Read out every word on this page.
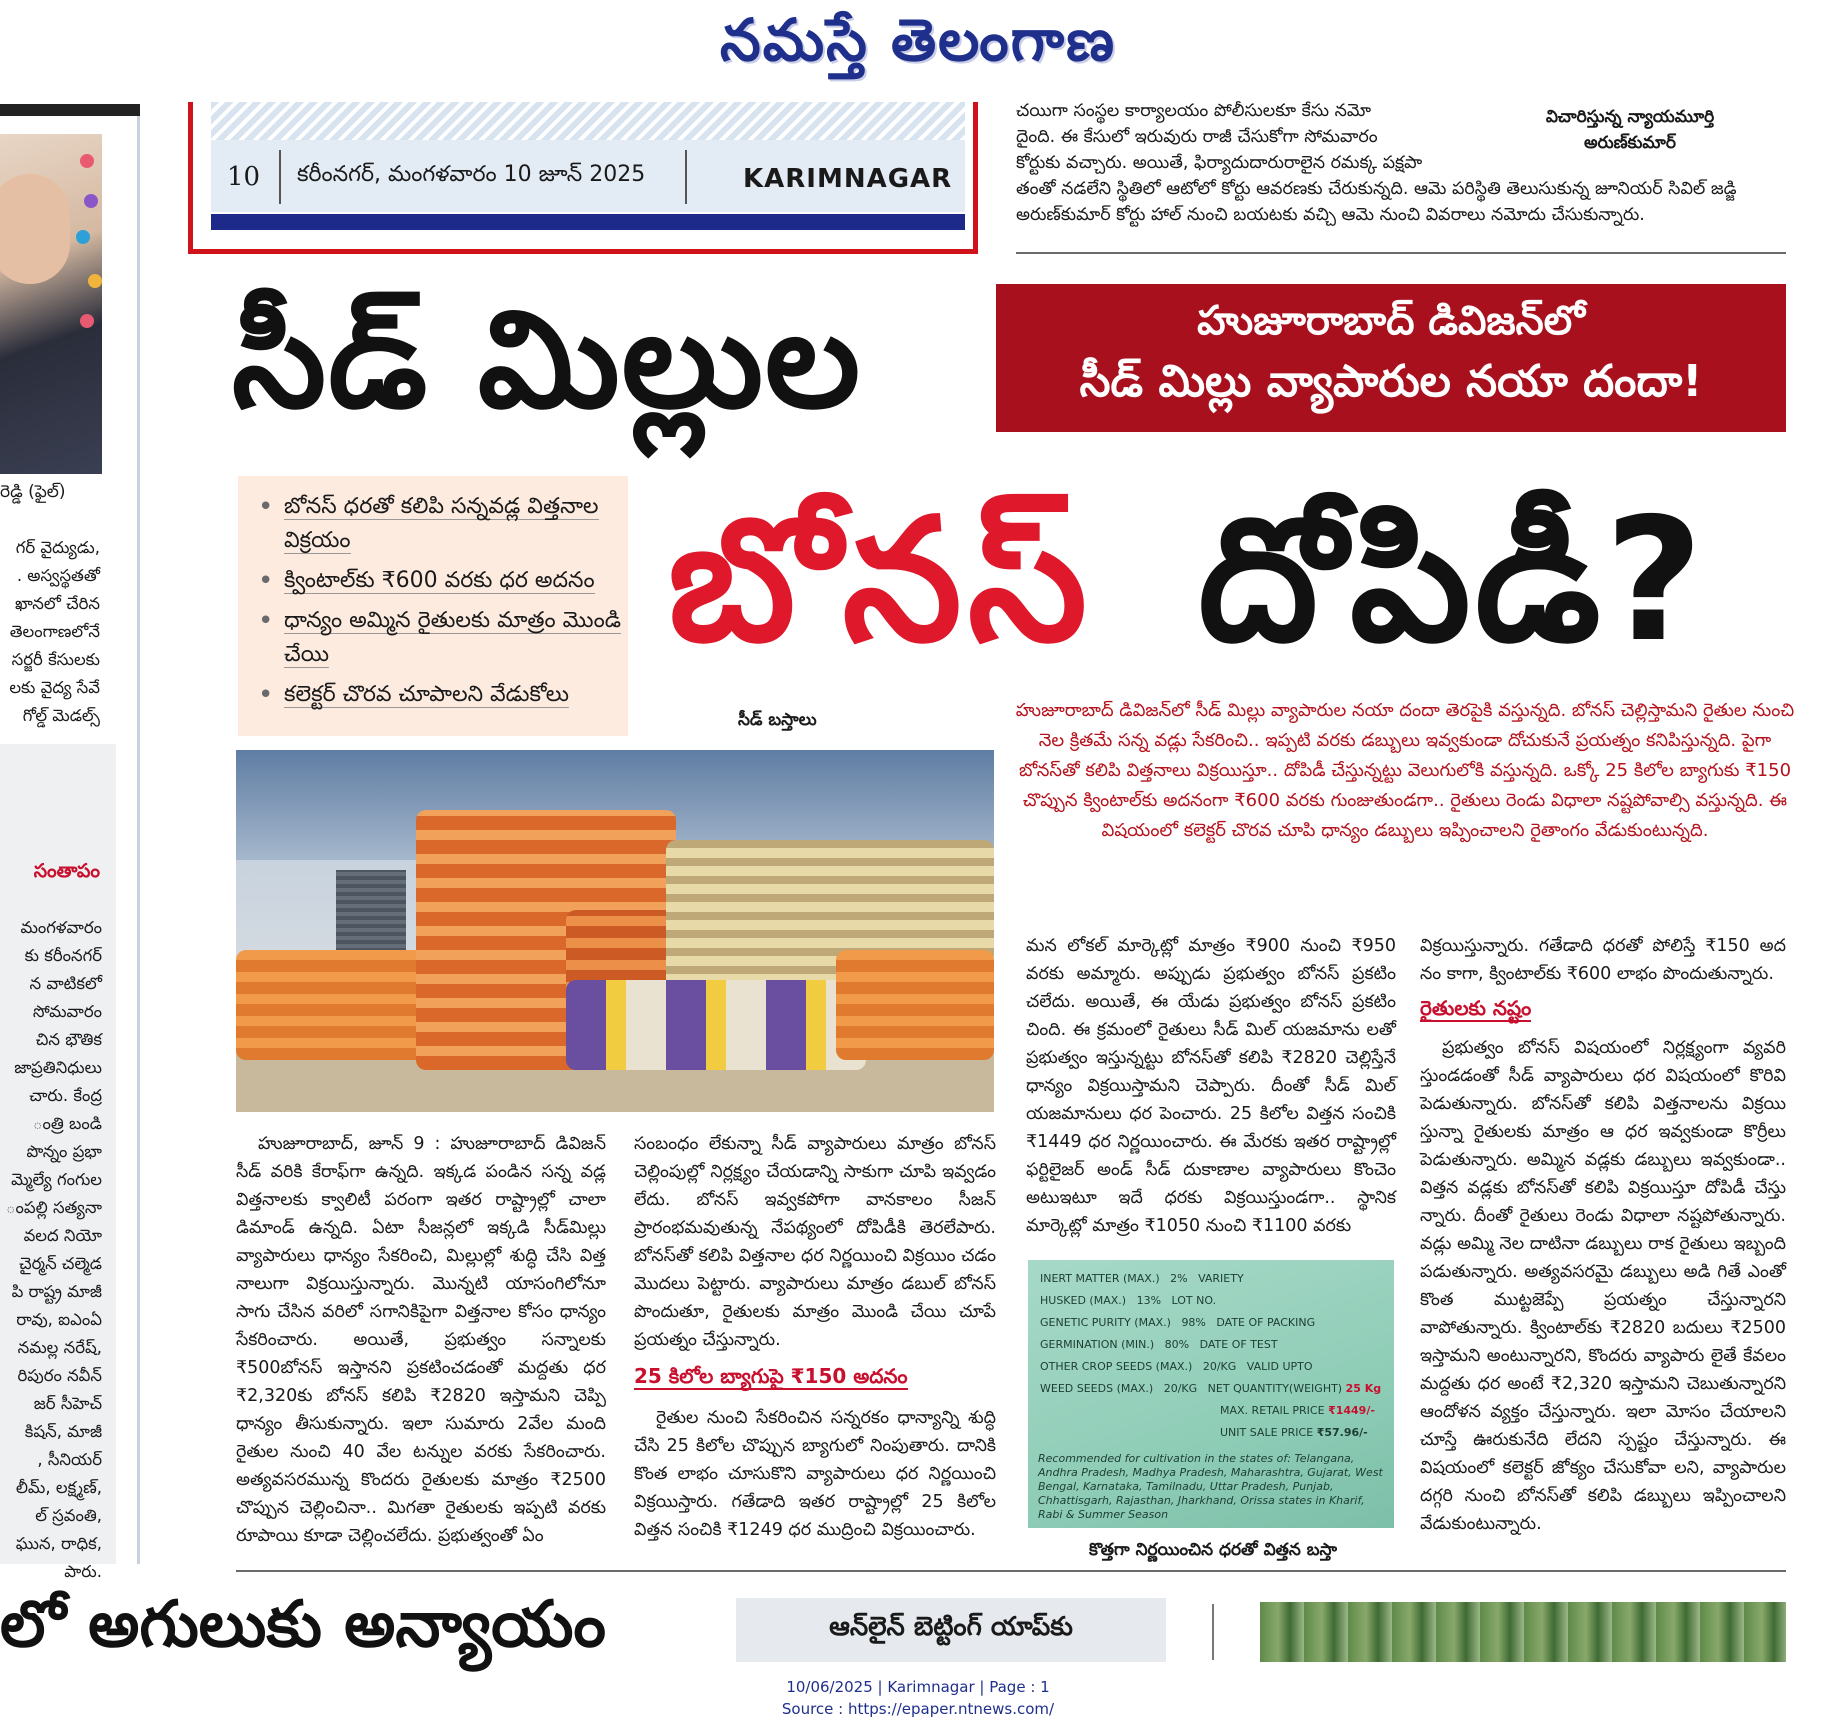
నమస్తే తెలంగాణ
రెడ్డి (ఫైల్)
గర్ వైద్యుడు,
. అస్వస్థతతో
ఖానలో చేరిన
తెలంగాణలోనే
సర్జరీ కేసులకు
లకు వైద్య సేవే
గోల్డ్ మెడల్స్
సంతాపం
మంగళవారం
కు కరీంనగర్
న వాటికలో
సోమవారం
చిన భౌతిక
జాప్రతినిధులు
చారు. కేంద్ర
ంత్రి బండి
పొన్నం ప్రభా
మ్మెల్యే గంగుల
ంపల్లి సత్యనా
వలద నియో
చైర్మన్ చల్మెడ
పి రాష్ట్ర మాజీ
రావు, ఐఎంఏ
నమల్ల నరేష్,
రిపురం నవీన్
జర్ సీహెచ్
కిషన్, మాజీ
, సీనియర్
లీమ్, లక్ష్మణ్,
ల్ స్రవంతి,
ఘున, రాధిక,
పారు.
10 కరీంనగర్, మంగళవారం 10 జూన్ 2025	KARIMNAGAR
చయిగా సంస్థల కార్యాలయం పోలీసులకూ కేసు నమో
దైంది. ఈ కేసులో ఇరువురు రాజీ చేసుకోగా సోమవారం
కోర్టుకు వచ్చారు. అయితే, ఫిర్యాదుదారురాలైన రమక్క పక్షపా
తంతో నడలేని స్థితిలో ఆటోలో కోర్టు ఆవరణకు చేరుకున్నది. ఆమె పరిస్థితి తెలుసుకున్న జూనియర్ సివిల్ జడ్జి
అరుణ్‌కుమార్ కోర్టు హాల్ నుంచి బయటకు వచ్చి ఆమె నుంచి వివరాలు నమోదు చేసుకున్నారు.
విచారిస్తున్న న్యాయమూర్తి
అరుణ్‌కుమార్
సీడ్ మిల్లుల
బోనస్ దోపిడీ?
హుజూరాబాద్ డివిజన్‌లో
సీడ్ మిల్లు వ్యాపారుల నయా దందా!
• బోనస్ ధరతో కలిపి సన్నవడ్ల విత్తనాల విక్రయం
• క్వింటాల్‌కు ₹600 వరకు ధర అదనం
• ధాన్యం అమ్మిన రైతులకు మాత్రం మొండి చేయి
• కలెక్టర్ చొరవ చూపాలని వేడుకోలు
సీడ్ బస్తాలు	హుజూరాబాద్ డివిజన్‌లో సీడ్ మిల్లు వ్యాపారుల నయా దందా తెరపైకి వస్తున్నది. బోనస్ చెల్లిస్తామని రైతుల నుంచి నెల క్రితమే సన్న వడ్లు సేకరించి.. ఇప్పటి వరకు డబ్బులు ఇవ్వకుండా దోచుకునే ప్రయత్నం కనిపిస్తున్నది. పైగా బోనస్‌తో కలిపి విత్తనాలు విక్రయిస్తూ.. దోపిడీ చేస్తున్నట్టు వెలుగులోకి వస్తున్నది. ఒక్కో 25 కిలోల బ్యాగుకు ₹150 చొప్పున క్వింటాల్‌కు అదనంగా ₹600 వరకు గుంజుతుండగా.. రైతులు రెండు విధాలా నష్టపోవాల్సి వస్తున్నది. ఈ విషయంలో కలెక్టర్ చొరవ చూపి ధాన్యం డబ్బులు ఇప్పించాలని రైతాంగం వేడుకుంటున్నది.

హుజూరాబాద్, జూన్ 9 : హుజూరాబాద్ డివిజన్ సీడ్ వరికి కేరాఫ్‌గా ఉన్నది. ఇక్కడ పండిన సన్న వడ్ల విత్తనాలకు క్వాలిటీ పరంగా ఇతర రాష్ట్రాల్లో చాలా డిమాండ్ ఉన్నది. ఏటా సీజన్లలో ఇక్కడి సీడ్‌మిల్లు వ్యాపారులు ధాన్యం సేకరించి, మిల్లుల్లో శుద్ధి చేసి విత్త నాలుగా విక్రయిస్తున్నారు. మొన్నటి యాసంగిలోనూ సాగు చేసిన వరిలో సగానికిపైగా విత్తనాల కోసం ధాన్యం సేకరించారు. అయితే, ప్రభుత్వం సన్నాలకు ₹500బోనస్ ఇస్తానని ప్రకటించడంతో మద్దతు ధర ₹2,320కు బోనస్ కలిపి ₹2820 ఇస్తామని చెప్పి ధాన్యం తీసుకున్నారు. ఇలా సుమారు 2వేల మంది రైతుల నుంచి 40 వేల టన్నుల వరకు సేకరించారు. అత్యవసరమున్న కొందరు రైతులకు మాత్రం ₹2500 చొప్పున చెల్లించినా.. మిగతా రైతులకు ఇప్పటి వరకు రూపాయి కూడా చెల్లించలేదు. ప్రభుత్వంతో ఏం

సంబంధం లేకున్నా సీడ్ వ్యాపారులు మాత్రం బోనస్ చెల్లింపుల్లో నిర్లక్ష్యం చేయడాన్ని సాకుగా చూపి ఇవ్వడం లేదు. బోనస్ ఇవ్వకపోగా వానకాలం సీజన్ ప్రారంభమవుతున్న నేపథ్యంలో దోపిడీకి తెరలేపారు. బోనస్‌తో కలిపి విత్తనాల ధర నిర్ణయించి విక్రయిం చడం మొదలు పెట్టారు. వ్యాపారులు మాత్రం డబుల్ బోనస్ పొందుతూ, రైతులకు మాత్రం మొండి చేయి చూపే ప్రయత్నం చేస్తున్నారు.

25 కిలోల బ్యాగుపై ₹150 అదనం

రైతుల నుంచి సేకరించిన సన్నరకం ధాన్యాన్ని శుద్ధి చేసి 25 కిలోల చొప్పున బ్యాగులో నింపుతారు. దానికి కొంత లాభం చూసుకొని వ్యాపారులు ధర నిర్ణయించి విక్రయిస్తారు. గతేడాది ఇతర రాష్ట్రాల్లో 25 కిలోల విత్తన సంచికి ₹1249 ధర ముద్రించి విక్రయించారు.

మన లోకల్ మార్కెట్లో మాత్రం ₹900 నుంచి ₹950 వరకు అమ్మారు. అప్పుడు ప్రభుత్వం బోనస్ ప్రకటిం చలేదు. అయితే, ఈ యేడు ప్రభుత్వం బోనస్ ప్రకటిం చింది. ఈ క్రమంలో రైతులు సీడ్ మిల్ యజమాను లతో ప్రభుత్వం ఇస్తున్నట్టు బోనస్‌తో కలిపి ₹2820 చెల్లిస్తేనే ధాన్యం విక్రయిస్తామని చెప్పారు. దీంతో సీడ్ మిల్ యజమానులు ధర పెంచారు. 25 కిలోల విత్తన సంచికి ₹1449 ధర నిర్ణయించారు. ఈ మేరకు ఇతర రాష్ట్రాల్లో ఫర్టిలైజర్ అండ్ సీడ్ దుకాణాల వ్యాపారులు కొంచెం అటుఇటూ ఇదే ధరకు విక్రయిస్తుండగా.. స్థానిక మార్కెట్లో మాత్రం ₹1050 నుంచి ₹1100 వరకు

INERT MATTER (MAX.) 2% VARIETY
HUSKED (MAX.) 13% LOT NO.
GENETIC PURITY (MAX.) 98% DATE OF PACKING
GERMINATION (MIN.) 80% DATE OF TEST
OTHER CROP SEEDS (MAX.) 20/KG VALID UPTO
WEED SEEDS (MAX.) 20/KG NET QUANTITY(WEIGHT) 25 Kg
MAX. RETAIL PRICE ₹1449/-
UNIT SALE PRICE ₹57.96/-
Recommended for cultivation in the states of: Telangana, Andhra Pradesh, Madhya Pradesh, Maharashtra, Gujarat, West Bengal, Karnataka, Tamilnadu, Uttar Pradesh, Punjab, Chhattisgarh, Rajasthan, Jharkhand, Orissa states in Kharif, Rabi & Summer Season
కొత్తగా నిర్ణయించిన ధరతో విత్తన బస్తా

విక్రయిస్తున్నారు. గతేడాది ధరతో పోలిస్తే ₹150 అద నం కాగా, క్వింటాల్‌కు ₹600 లాభం పొందుతున్నారు.

రైతులకు నష్టం

ప్రభుత్వం బోనస్ విషయంలో నిర్లక్ష్యంగా వ్యవరి స్తుండడంతో సీడ్ వ్యాపారులు ధర విషయంలో కొరివి పెడుతున్నారు. బోనస్‌తో కలిపి విత్తనాలను విక్రయి స్తున్నా రైతులకు మాత్రం ఆ ధర ఇవ్వకుండా కొర్రీలు పెడుతున్నారు. అమ్మిన వడ్లకు డబ్బులు ఇవ్వకుండా.. విత్తన వడ్లకు బోనస్‌తో కలిపి విక్రయిస్తూ దోపిడీ చేస్తు న్నారు. దీంతో రైతులు రెండు విధాలా నష్టపోతున్నారు. వడ్లు అమ్మి నెల దాటినా డబ్బులు రాక రైతులు ఇబ్బంది పడుతున్నారు. అత్యవసరమై డబ్బులు అడి గితే ఎంతో కొంత ముట్టజెప్పే ప్రయత్నం చేస్తున్నారని వాపోతున్నారు. క్వింటాల్‌కు ₹2820 బదులు ₹2500 ఇస్తామని అంటున్నారని, కొందరు వ్యాపారు లైతే కేవలం మద్దతు ధర అంటే ₹2,320 ఇస్తామని చెబుతున్నారని ఆందోళన వ్యక్తం చేస్తున్నారు. ఇలా మోసం చేయాలని చూస్తే ఊరుకునేది లేదని స్పష్టం చేస్తున్నారు. ఈ విషయంలో కలెక్టర్ జోక్యం చేసుకోవా లని, వ్యాపారుల దగ్గరి నుంచి బోనస్‌తో కలిపి డబ్బులు ఇప్పించాలని వేడుకుంటున్నారు.

లో అగులుకు అన్యాయం	ఆన్‌లైన్ బెట్టింగ్ యాప్‌కు
10/06/2025 | Karimnagar | Page : 1
Source : https://epaper.ntnews.com/
